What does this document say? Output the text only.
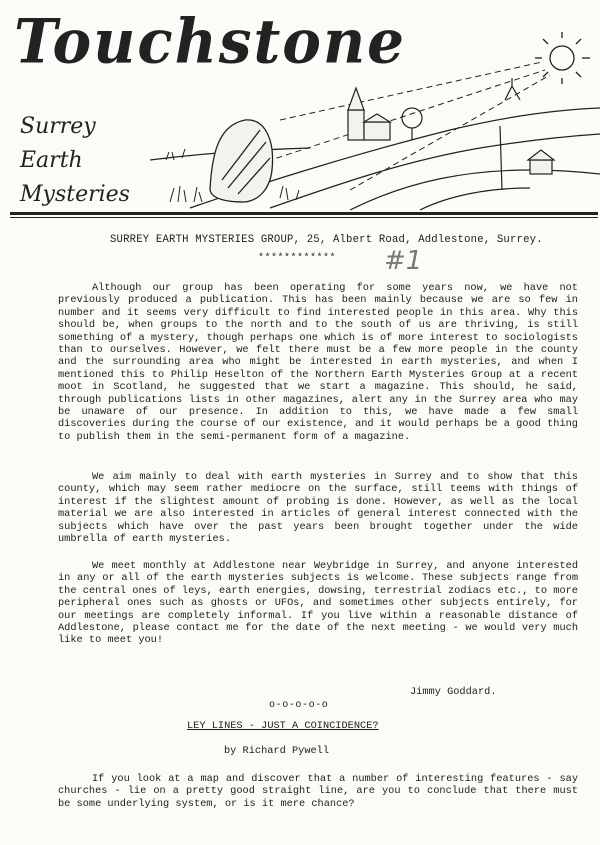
Touchstone
Surrey
Earth
Mysteries
SURREY EARTH MYSTERIES GROUP, 25, Albert Road, Addlestone, Surrey.
************ #1

Although our group has been operating for some years now, we have not previously produced a publication. This has been mainly because we are so few in number and it seems very difficult to find interested people in this area. Why this should be, when groups to the north and to the south of us are thriving, is still something of a mystery, though perhaps one which is of more interest to sociologists than to ourselves. However, we felt there must be a few more people in the county and the surrounding area who might be interested in earth mysteries, and when I mentioned this to Philip Heselton of the Northern Earth Mysteries Group at a recent moot in Scotland, he suggested that we start a magazine. This should, he said, through publications lists in other magazines, alert any in the Surrey area who may be unaware of our presence. In addition to this, we have made a few small discoveries during the course of our existence, and it would perhaps be a good thing to publish them in the semi-permanent form of a magazine.

We aim mainly to deal with earth mysteries in Surrey and to show that this county, which may seem rather mediocre on the surface, still teems with things of interest if the slightest amount of probing is done. However, as well as the local material we are also interested in articles of general interest connected with the subjects which have over the past years been brought together under the wide umbrella of earth mysteries.

We meet monthly at Addlestone near Weybridge in Surrey, and anyone interested in any or all of the earth mysteries subjects is welcome. These subjects range from the central ones of leys, earth energies, dowsing, terrestrial zodiacs etc., to more peripheral ones such as ghosts or UFOs, and sometimes other subjects entirely, for our meetings are completely informal. If you live within a reasonable distance of Addlestone, please contact me for the date of the next meeting - we would very much like to meet you!

Jimmy Goddard.
o-o-o-o-o
LEY LINES - JUST A COINCIDENCE?
by Richard Pywell

If you look at a map and discover that a number of interesting features - say churches - lie on a pretty good straight line, are you to conclude that there must be some underlying system, or is it mere chance?
